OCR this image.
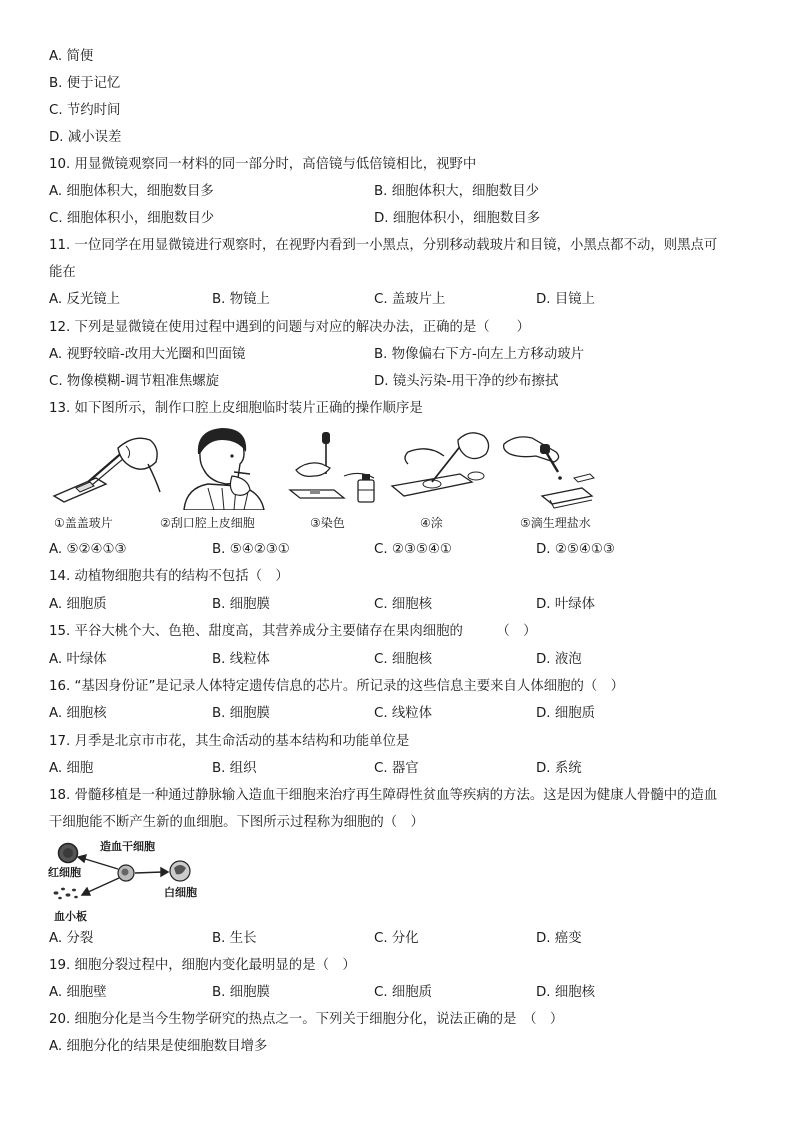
A. 简便
B. 便于记忆
C. 节约时间
D. 减小误差
10. 用显微镜观察同一材料的同一部分时，高倍镜与低倍镜相比，视野中
A. 细胞体积大，细胞数目多	B. 细胞体积大，细胞数目少
C. 细胞体积小，细胞数目少	D. 细胞体积小，细胞数目多
11. 一位同学在用显微镜进行观察时，在视野内看到一小黑点，分别移动载玻片和目镜，小黑点都不动，则黑点可
能在
A. 反光镜上	B. 物镜上	C. 盖玻片上	D. 目镜上
12. 下列是显微镜在使用过程中遇到的问题与对应的解决办法，正确的是（　　）
A. 视野较暗-改用大光圈和凹面镜	B. 物像偏右下方-向左上方移动玻片
C. 物像模糊-调节粗准焦螺旋	D. 镜头污染-用干净的纱布擦拭
13. 如下图所示，制作口腔上皮细胞临时装片正确的操作顺序是
①盖盖玻片	②刮口腔上皮细胞	③染色	④涂	⑤滴生理盐水
A. ⑤②④①③	B. ⑤④②③①	C. ②③⑤④①	D. ②⑤④①③
14. 动植物细胞共有的结构不包括（　）
A. 细胞质	B. 细胞膜	C. 细胞核	D. 叶绿体
15. 平谷大桃个大、色艳、甜度高，其营养成分主要储存在果肉细胞的　　　（　）
A. 叶绿体	B. 线粒体	C. 细胞核	D. 液泡
16. “基因身份证”是记录人体特定遗传信息的芯片。所记录的这些信息主要来自人体细胞的（　）
A. 细胞核	B. 细胞膜	C. 线粒体	D. 细胞质
17. 月季是北京市市花，其生命活动的基本结构和功能单位是
A. 细胞	B. 组织	C. 器官	D. 系统
18. 骨髓移植是一种通过静脉输入造血干细胞来治疗再生障碍性贫血等疾病的方法。这是因为健康人骨髓中的造血
干细胞能不断产生新的血细胞。下图所示过程称为细胞的（　）
造血干细胞
红细胞
白细胞
血小板
A. 分裂	B. 生长	C. 分化	D. 癌变
19. 细胞分裂过程中，细胞内变化最明显的是（　）
A. 细胞壁	B. 细胞膜	C. 细胞质	D. 细胞核
20. 细胞分化是当今生物学研究的热点之一。下列关于细胞分化，说法正确的是　（　）
A. 细胞分化的结果是使细胞数目增多
